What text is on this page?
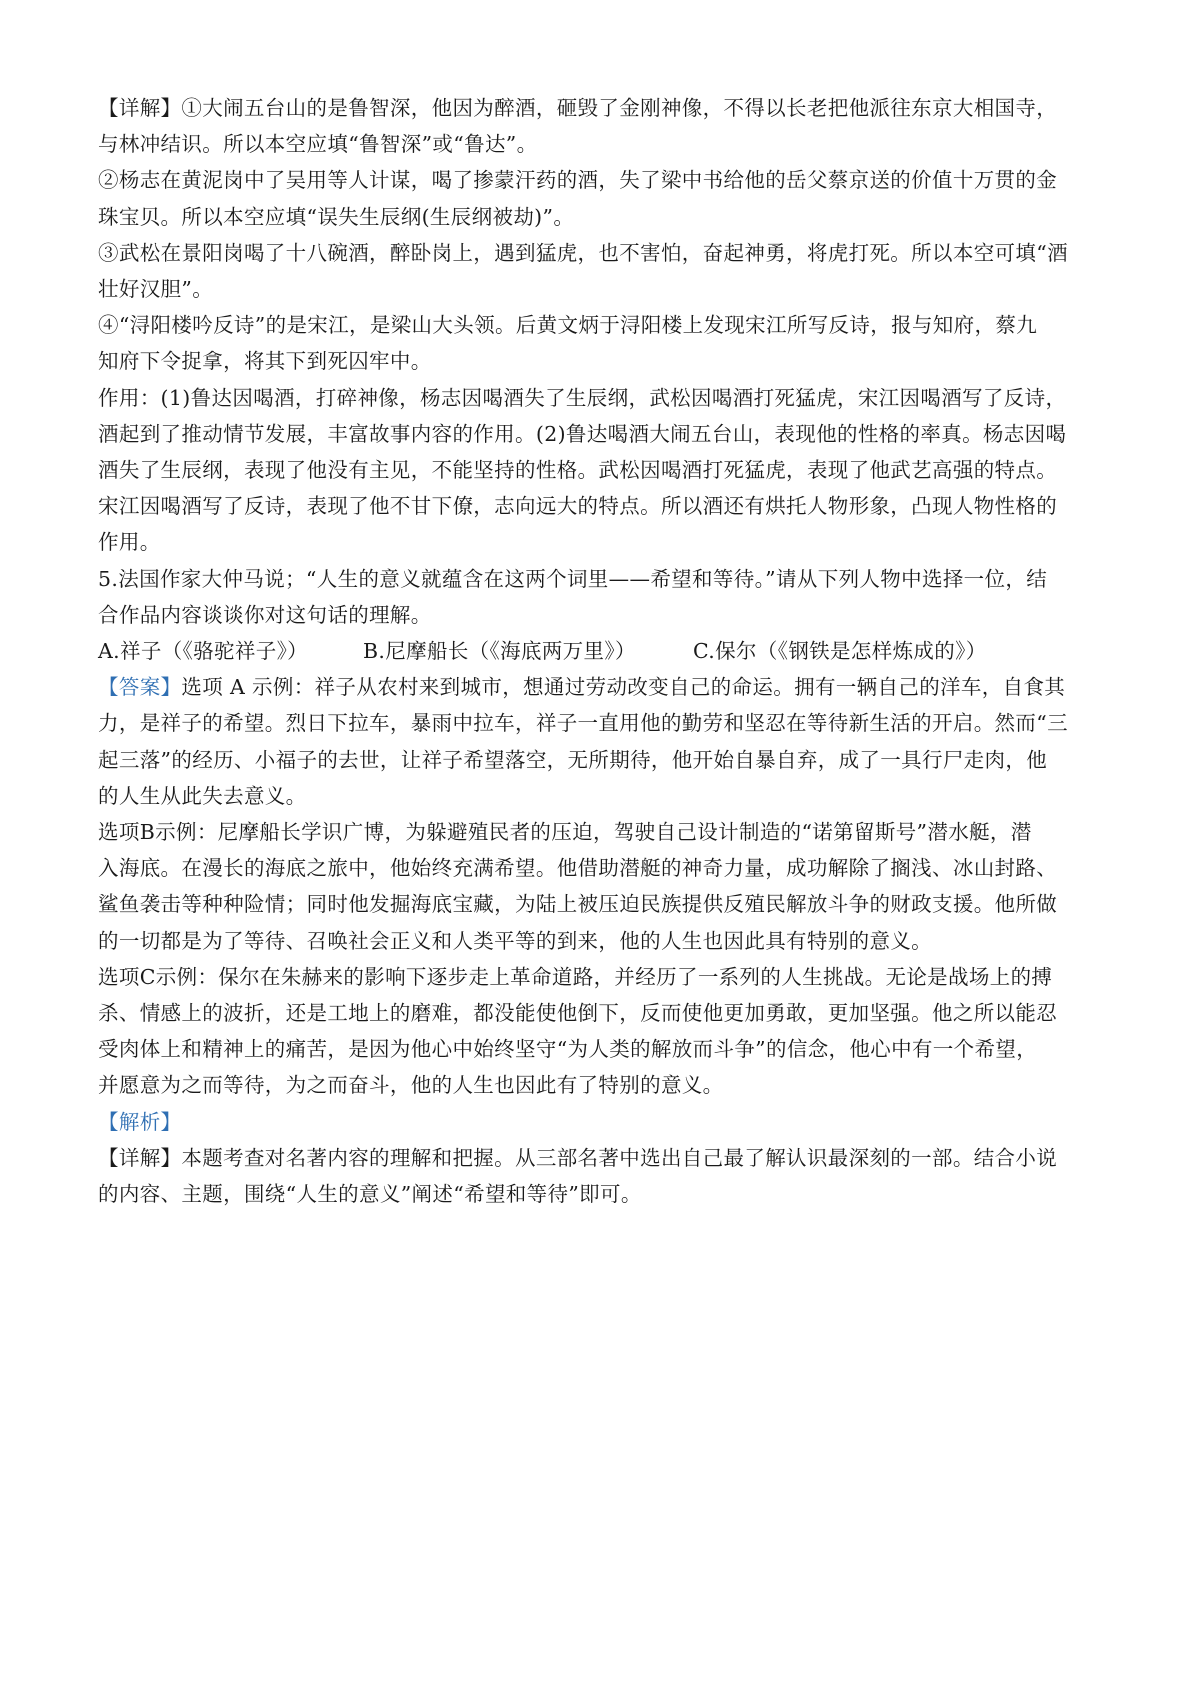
【详解】①大闹五台山的是鲁智深，他因为醉酒，砸毁了金刚神像，不得以长老把他派往东京大相国寺，
与林冲结识。所以本空应填“鲁智深”或“鲁达”。
②杨志在黄泥岗中了吴用等人计谋，喝了掺蒙汗药的酒，失了梁中书给他的岳父蔡京送的价值十万贯的金
珠宝贝。所以本空应填“误失生辰纲(生辰纲被劫)”。
③武松在景阳岗喝了十八碗酒，醉卧岗上，遇到猛虎，也不害怕，奋起神勇，将虎打死。所以本空可填“酒
壮好汉胆”。
④“浔阳楼吟反诗”的是宋江，是梁山大头领。后黄文炳于浔阳楼上发现宋江所写反诗，报与知府，蔡九
知府下令捉拿，将其下到死囚牢中。
作用：(1)鲁达因喝酒，打碎神像，杨志因喝酒失了生辰纲，武松因喝酒打死猛虎，宋江因喝酒写了反诗，
酒起到了推动情节发展，丰富故事内容的作用。(2)鲁达喝酒大闹五台山，表现他的性格的率真。杨志因喝
酒失了生辰纲，表现了他没有主见，不能坚持的性格。武松因喝酒打死猛虎，表现了他武艺高强的特点。
宋江因喝酒写了反诗，表现了他不甘下僚，志向远大的特点。所以酒还有烘托人物形象，凸现人物性格的
作用。
5.法国作家大仲马说；“人生的意义就蕴含在这两个词里——希望和等待。”请从下列人物中选择一位，结
合作品内容谈谈你对这句话的理解。
A.祥子（《骆驼祥子》）	B.尼摩船长（《海底两万里》）	C.保尔（《钢铁是怎样炼成的》）
【答案】选项 A 示例：祥子从农村来到城市，想通过劳动改变自己的命运。拥有一辆自己的洋车，自食其
力，是祥子的希望。烈日下拉车，暴雨中拉车，祥子一直用他的勤劳和坚忍在等待新生活的开启。然而“三
起三落”的经历、小福子的去世，让祥子希望落空，无所期待，他开始自暴自弃，成了一具行尸走肉，他
的人生从此失去意义。
选项B示例：尼摩船长学识广博，为躲避殖民者的压迫，驾驶自己设计制造的“诺第留斯号”潜水艇，潜
入海底。在漫长的海底之旅中，他始终充满希望。他借助潜艇的神奇力量，成功解除了搁浅、冰山封路、
鲨鱼袭击等种种险情；同时他发掘海底宝藏，为陆上被压迫民族提供反殖民解放斗争的财政支援。他所做
的一切都是为了等待、召唤社会正义和人类平等的到来，他的人生也因此具有特别的意义。
选项C示例：保尔在朱赫来的影响下逐步走上革命道路，并经历了一系列的人生挑战。无论是战场上的搏
杀、情感上的波折，还是工地上的磨难，都没能使他倒下，反而使他更加勇敢，更加坚强。他之所以能忍
受肉体上和精神上的痛苦，是因为他心中始终坚守“为人类的解放而斗争”的信念，他心中有一个希望，
并愿意为之而等待，为之而奋斗，他的人生也因此有了特别的意义。
【解析】
【详解】本题考查对名著内容的理解和把握。从三部名著中选出自己最了解认识最深刻的一部。结合小说
的内容、主题，围绕“人生的意义”阐述“希望和等待”即可。
